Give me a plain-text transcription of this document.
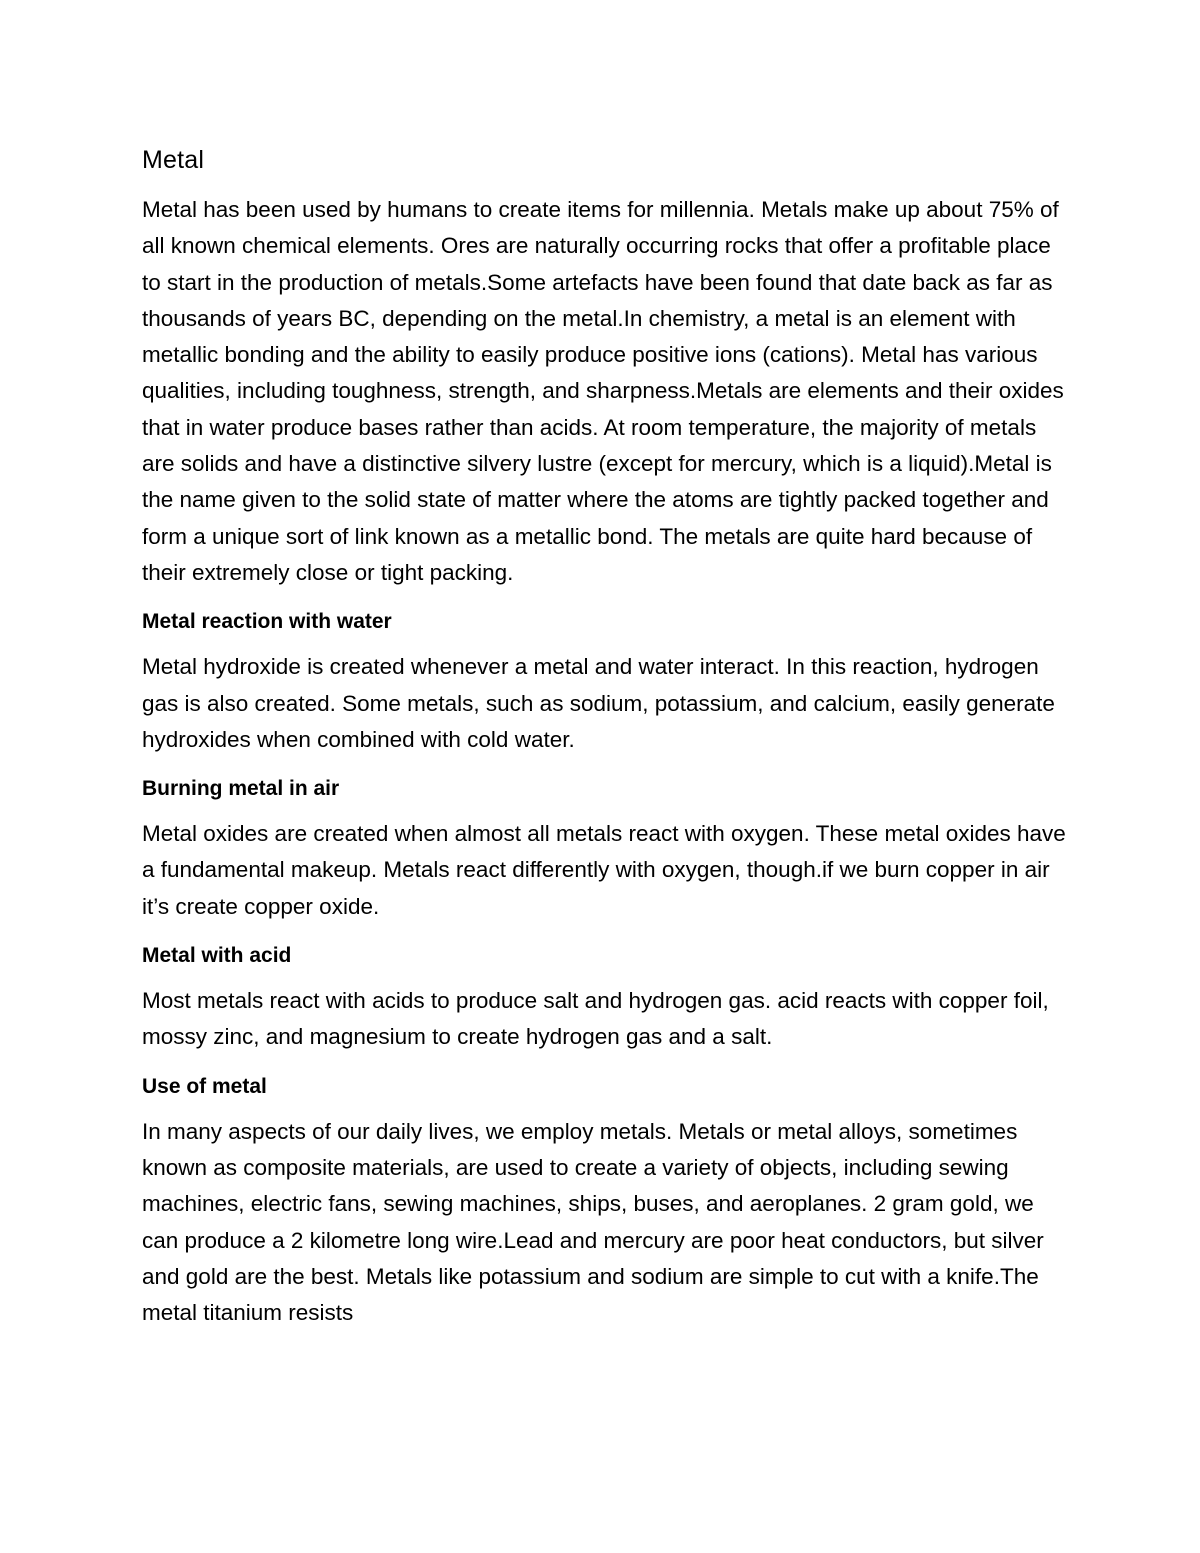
Metal

Metal has been used by humans to create items for millennia. Metals make up about 75% of all known chemical elements. Ores are naturally occurring rocks that offer a profitable place to start in the production of metals.Some artefacts have been found that date back as far as thousands of years BC, depending on the metal.In chemistry, a metal is an element with metallic bonding and the ability to easily produce positive ions (cations). Metal has various qualities, including toughness, strength, and sharpness.Metals are elements and their oxides that in water produce bases rather than acids. At room temperature, the majority of metals are solids and have a distinctive silvery lustre (except for mercury, which is a liquid).Metal is the name given to the solid state of matter where the atoms are tightly packed together and form a unique sort of link known as a metallic bond. The metals are quite hard because of their extremely close or tight packing.

Metal reaction with water

Metal hydroxide is created whenever a metal and water interact. In this reaction, hydrogen gas is also created. Some metals, such as sodium, potassium, and calcium, easily generate hydroxides when combined with cold water.

Burning metal in air

Metal oxides are created when almost all metals react with oxygen. These metal oxides have a fundamental makeup. Metals react differently with oxygen, though.if we burn copper in air it’s create copper oxide.

Metal with acid

Most metals react with acids to produce salt and hydrogen gas. acid reacts with copper foil, mossy zinc, and magnesium to create hydrogen gas and a salt.

Use of metal

In many aspects of our daily lives, we employ metals. Metals or metal alloys, sometimes known as composite materials, are used to create a variety of objects, including sewing machines, electric fans, sewing machines, ships, buses, and aeroplanes. 2 gram gold, we can produce a 2 kilometre long wire.Lead and mercury are poor heat conductors, but silver and gold are the best. Metals like potassium and sodium are simple to cut with a knife.The metal titanium resists
